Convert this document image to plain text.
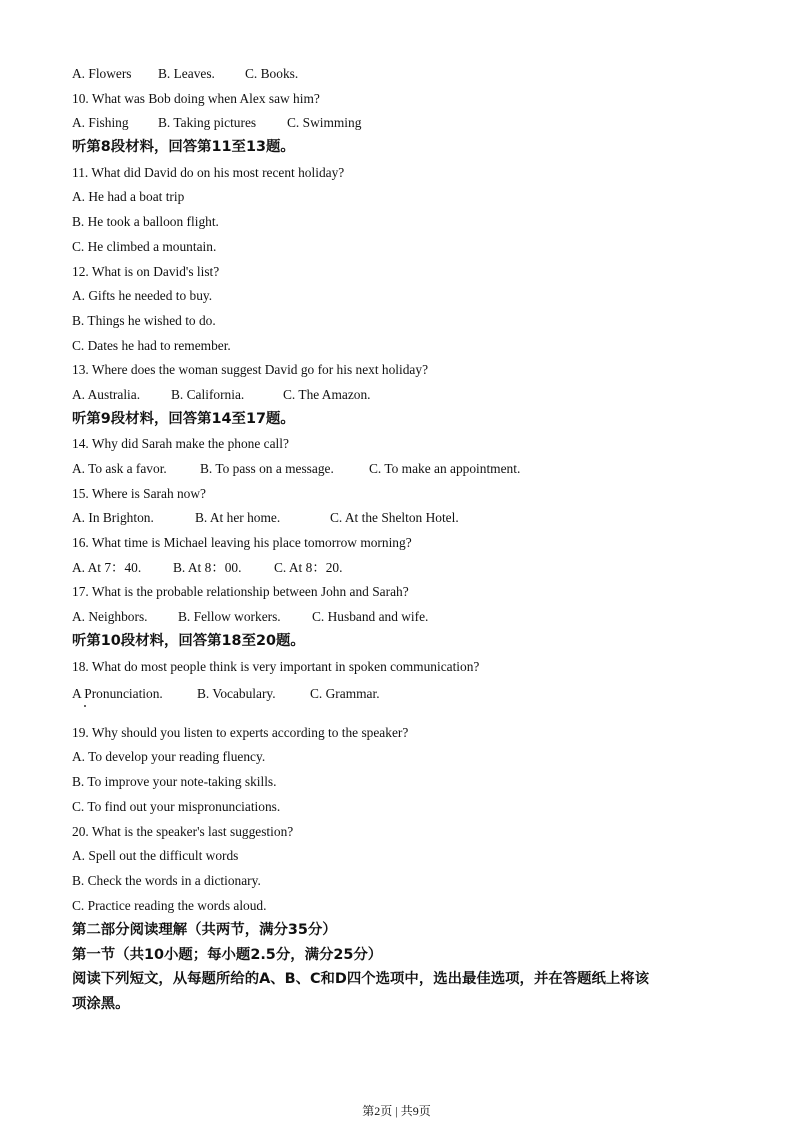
A. Flowers B. Leaves. C. Books.

10. What was Bob doing when Alex saw him?

A. Fishing B. Taking pictures C. Swimming

听第8段材料，回答第11至13题。

11. What did David do on his most recent holiday?

A. He had a boat trip

B. He took a balloon flight.

C. He climbed a mountain.

12. What is on David's list?

A. Gifts he needed to buy.

B. Things he wished to do.

C. Dates he had to remember.

13. Where does the woman suggest David go for his next holiday?

A. Australia. B. California.	C. The Amazon.

听第9段材料，回答第14至17题。

14. Why did Sarah make the phone call?

A. To ask a favor. B. To pass on a message.	C. To make an appointment.

15. Where is Sarah now?

A. In Brighton.	B. At her home.	C. At the Shelton Hotel.

16. What time is Michael leaving his place tomorrow morning?

A. At 7：40. B. At 8：00. C. At 8：20.

17. What is the probable relationship between John and Sarah?

A. Neighbors. B. Fellow workers. C. Husband and wife.

听第10段材料，回答第18至20题。

18. What do most people think is very important in spoken communication?

A Pronunciation.	B. Vocabulary.	C. Grammar.

19. Why should you listen to experts according to the speaker?

A. To develop your reading fluency.

B. To improve your note-taking skills.

C. To find out your mispronunciations.

20. What is the speaker's last suggestion?

A. Spell out the difficult words

B. Check the words in a dictionary.

C. Practice reading the words aloud.

第二部分阅读理解（共两节，满分35分）

第一节（共10小题；每小题2.5分，满分25分）

阅读下列短文，从每题所给的A、B、C和D四个选项中，选出最佳选项，并在答题纸上将该

项涂黑。

第2页 | 共9页
